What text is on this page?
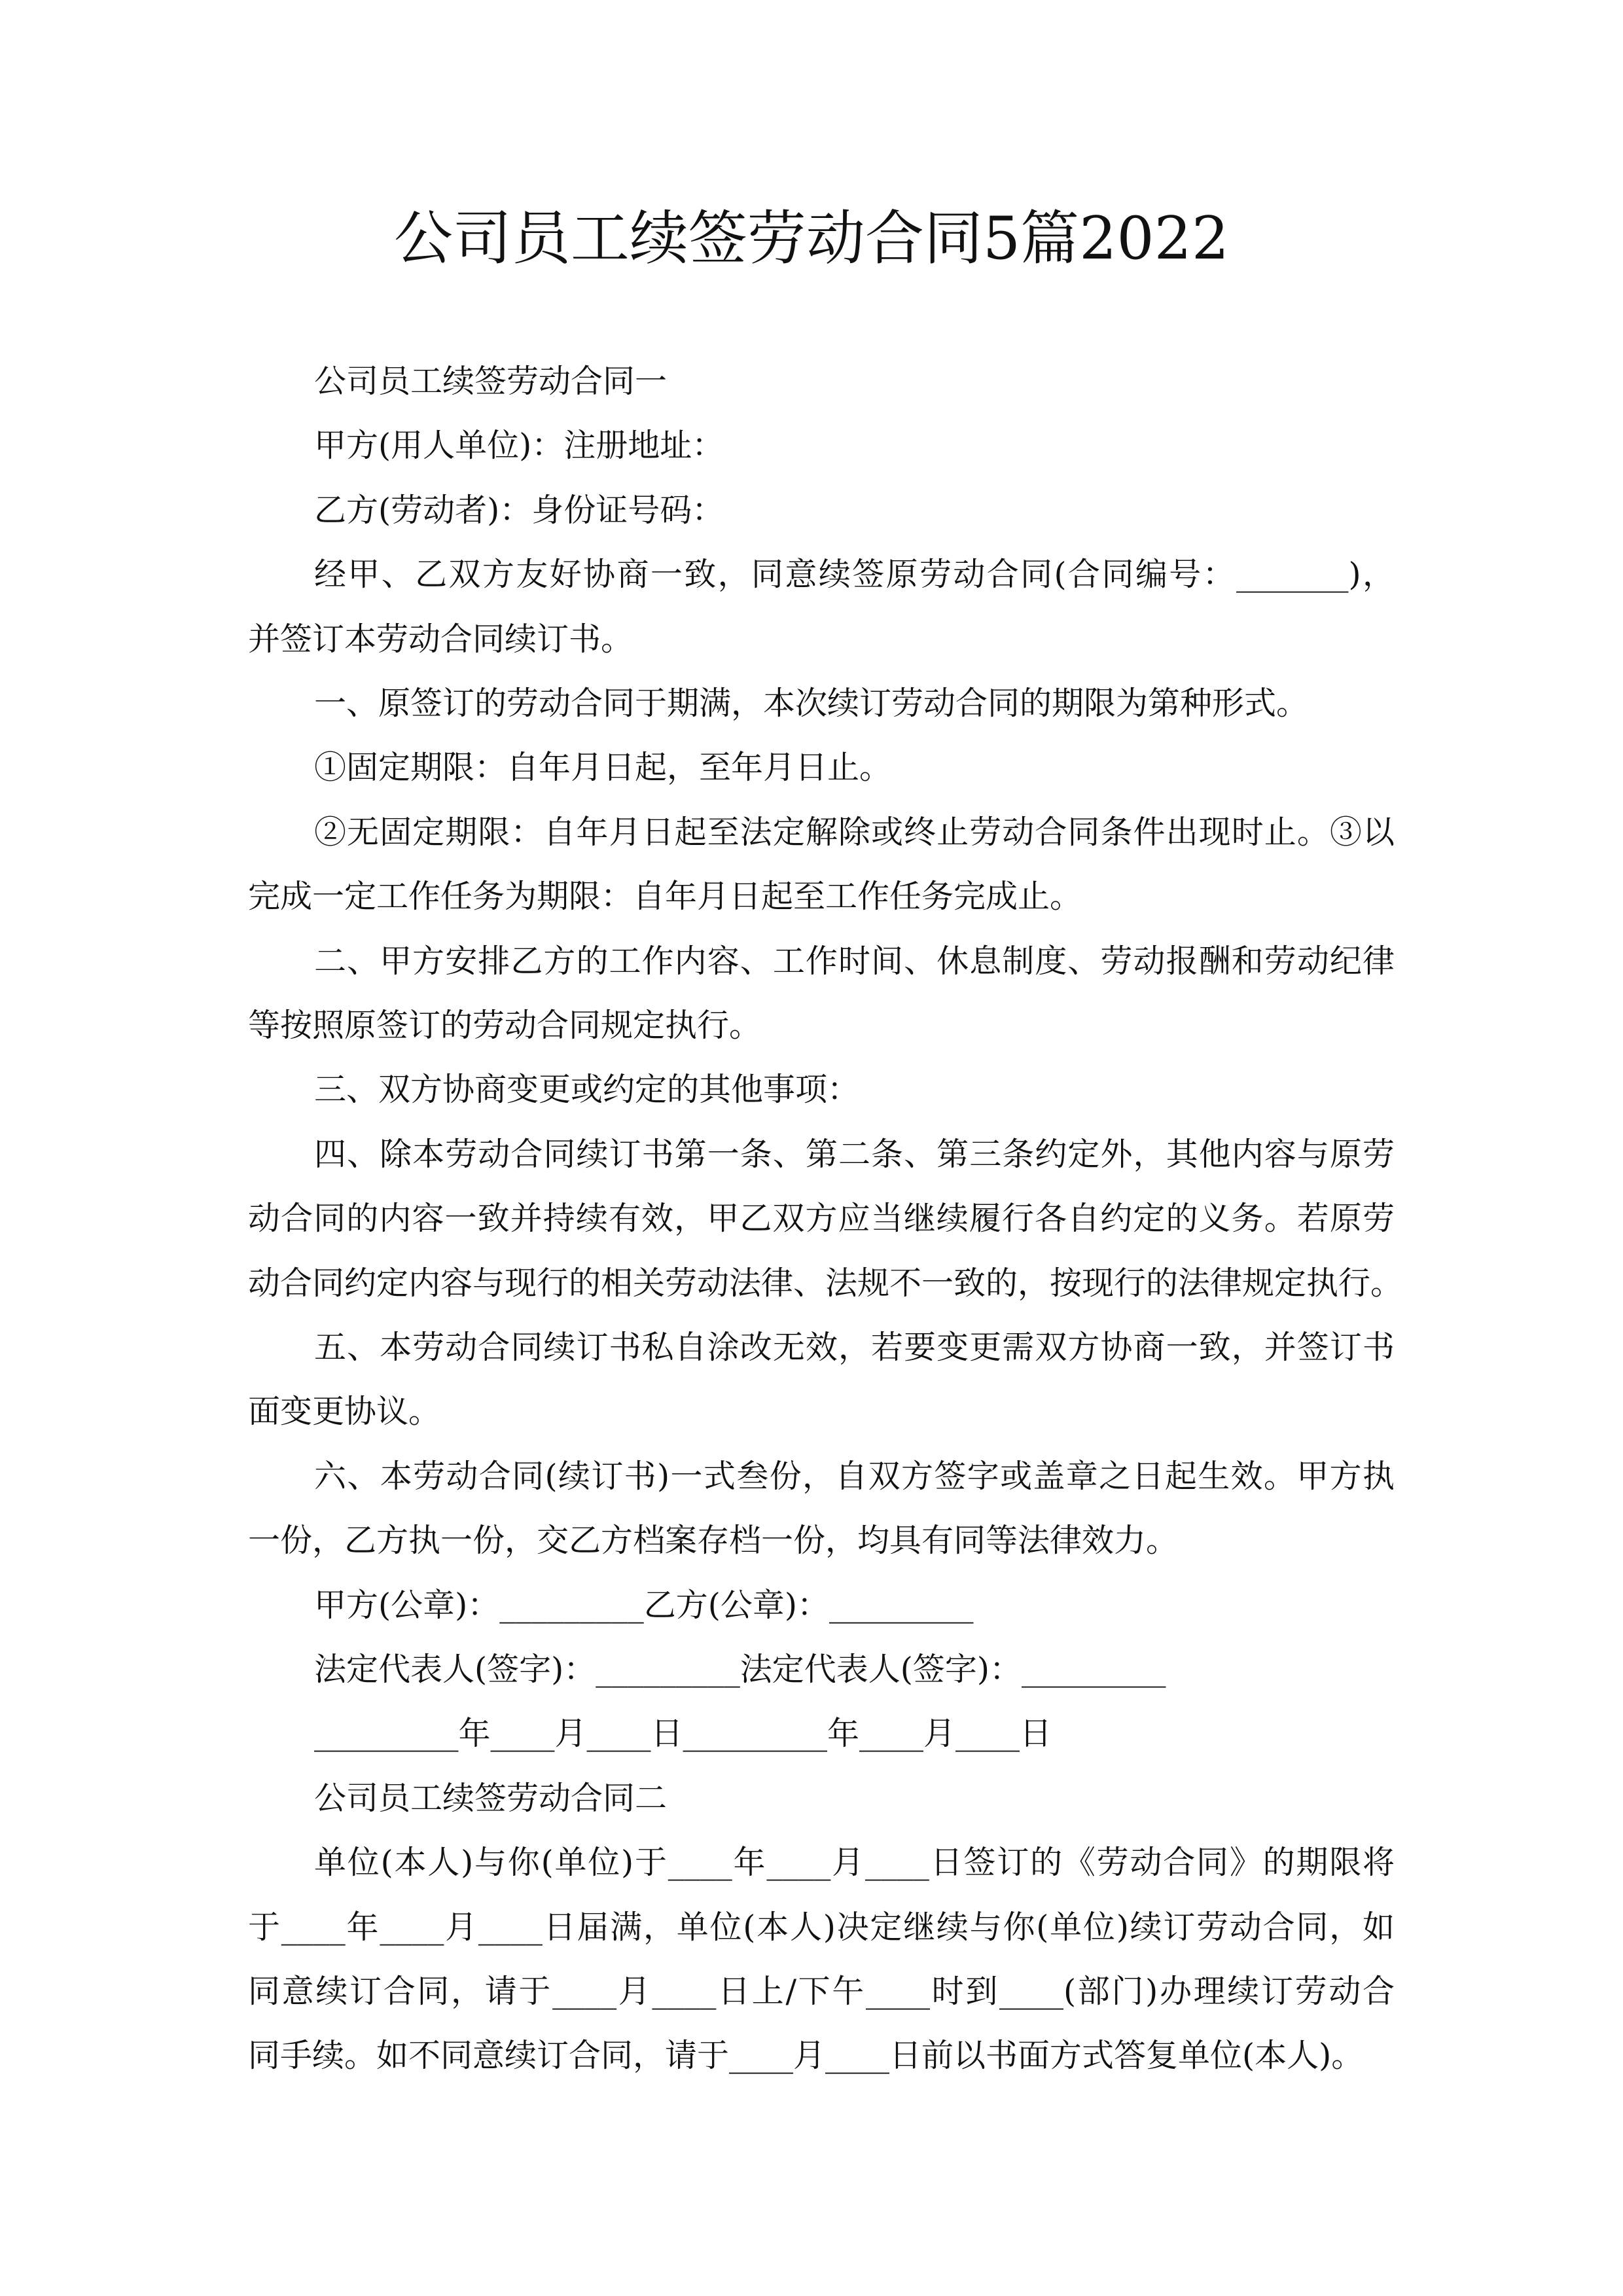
公司员工续签劳动合同5篇2022
公司员工续签劳动合同一
甲方(用人单位)：注册地址：
乙方(劳动者)：身份证号码：
经甲、乙双方友好协商一致，同意续签原劳动合同(合同编号：_______)，
并签订本劳动合同续订书。
一、原签订的劳动合同于期满，本次续订劳动合同的期限为第种形式。
①固定期限：自年月日起，至年月日止。
②无固定期限：自年月日起至法定解除或终止劳动合同条件出现时止。③以
完成一定工作任务为期限：自年月日起至工作任务完成止。
二、甲方安排乙方的工作内容、工作时间、休息制度、劳动报酬和劳动纪律
等按照原签订的劳动合同规定执行。
三、双方协商变更或约定的其他事项：
四、除本劳动合同续订书第一条、第二条、第三条约定外，其他内容与原劳
动合同的内容一致并持续有效，甲乙双方应当继续履行各自约定的义务。若原劳
动合同约定内容与现行的相关劳动法律、法规不一致的，按现行的法律规定执行。
五、本劳动合同续订书私自涂改无效，若要变更需双方协商一致，并签订书
面变更协议。
六、本劳动合同(续订书)一式叁份，自双方签字或盖章之日起生效。甲方执
一份，乙方执一份，交乙方档案存档一份，均具有同等法律效力。
甲方(公章)：_________乙方(公章)：_________
法定代表人(签字)：_________法定代表人(签字)：_________
_________年____月____日_________年____月____日
公司员工续签劳动合同二
单位(本人)与你(单位)于____年____月____日签订的《劳动合同》的期限将
于____年____月____日届满，单位(本人)决定继续与你(单位)续订劳动合同，如
同意续订合同，请于____月____日上/下午____时到____(部门)办理续订劳动合
同手续。如不同意续订合同，请于____月____日前以书面方式答复单位(本人)。
